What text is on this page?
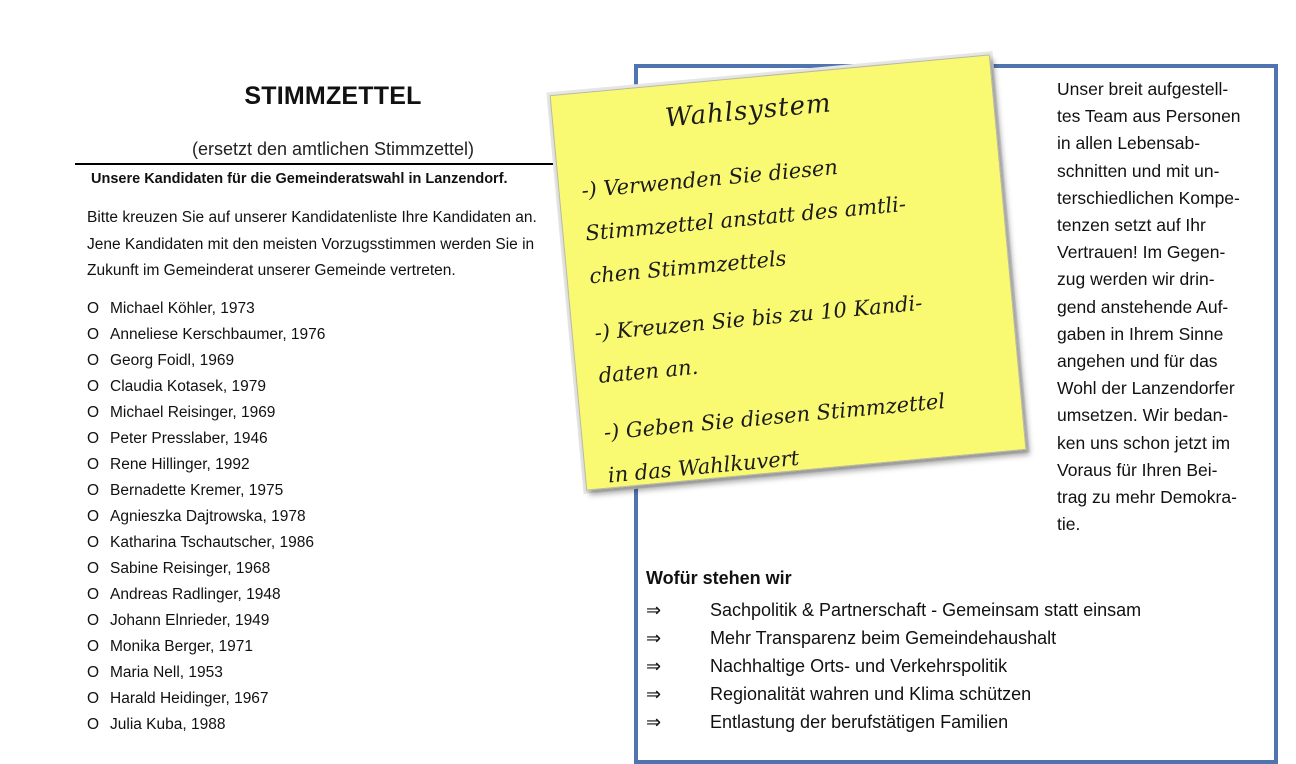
STIMMZETTEL
(ersetzt den amtlichen Stimmzettel)
Unsere Kandidaten für die Gemeinderatswahl in Lanzendorf.
Bitte kreuzen Sie auf unserer Kandidatenliste Ihre Kandidaten an.
Jene Kandidaten mit den meisten Vorzugsstimmen werden Sie in
Zukunft im Gemeinderat unserer Gemeinde vertreten.
O Michael Köhler, 1973
O Anneliese Kerschbaumer, 1976
O Georg Foidl, 1969
O Claudia Kotasek, 1979
O Michael Reisinger, 1969
O Peter Presslaber, 1946
O Rene Hillinger, 1992
O Bernadette Kremer, 1975
O Agnieszka Dajtrowska, 1978
O Katharina Tschautscher, 1986
O Sabine Reisinger, 1968
O Andreas Radlinger, 1948
O Johann Elnrieder, 1949
O Monika Berger, 1971
O Maria Nell, 1953
O Harald Heidinger, 1967
O Julia Kuba, 1988
Unser breit aufgestell-
tes Team aus Personen
in allen Lebensab-
schnitten und mit un-
terschiedlichen Kompe-
tenzen setzt auf Ihr
Vertrauen! Im Gegen-
zug werden wir drin-
gend anstehende Auf-
gaben in Ihrem Sinne
angehen und für das
Wohl der Lanzendorfer
umsetzen. Wir bedan-
ken uns schon jetzt im
Voraus für Ihren Bei-
trag zu mehr Demokra-
tie.
Wofür stehen wir
⇒	Sachpolitik & Partnerschaft - Gemeinsam statt einsam
⇒	Mehr Transparenz beim Gemeindehaushalt
⇒	Nachhaltige Orts- und Verkehrspolitik
⇒	Regionalität wahren und Klima schützen
⇒	Entlastung der berufstätigen Familien
Wahlsystem
-) Verwenden Sie diesen
Stimmzettel anstatt des amtli-
chen Stimmzettels
-) Kreuzen Sie bis zu 10 Kandi-
daten an.
-) Geben Sie diesen Stimmzettel
in das Wahlkuvert
